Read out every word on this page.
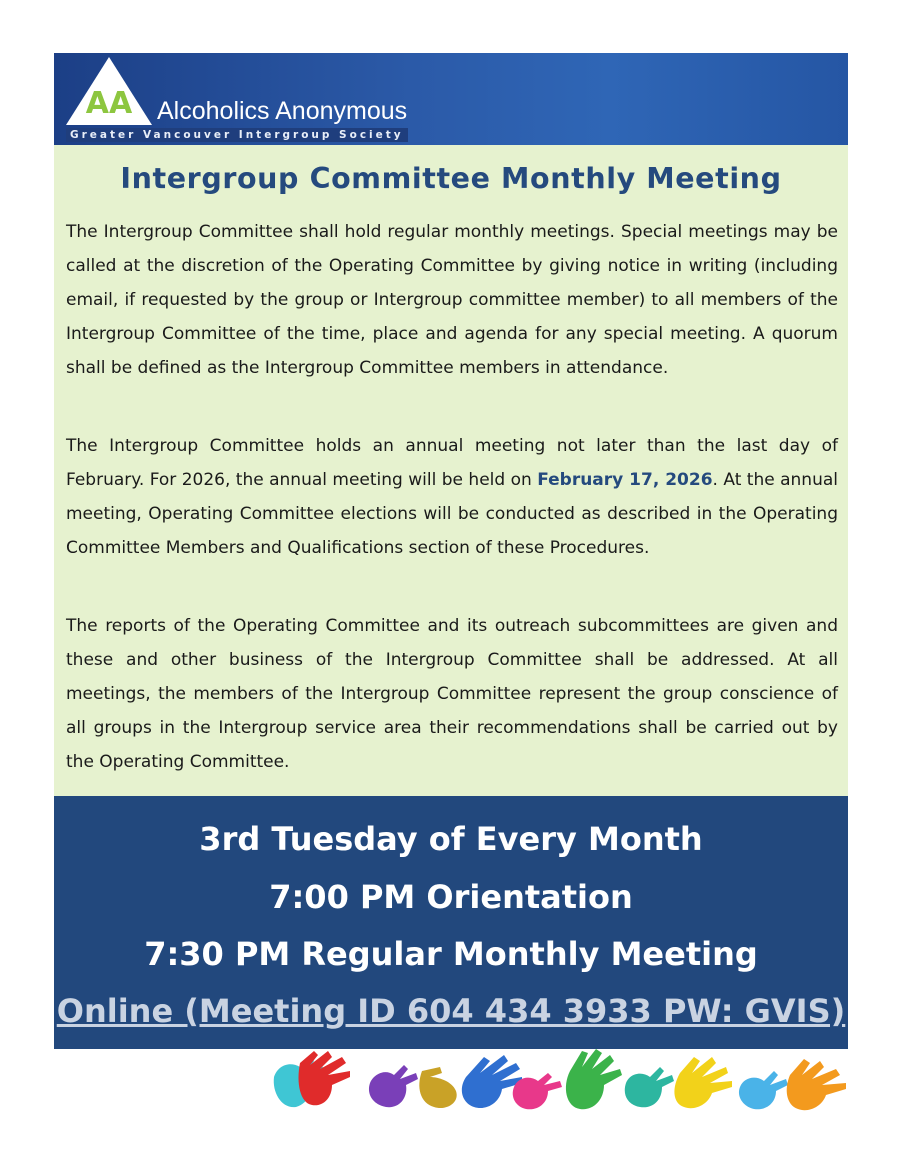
AA Alcoholics Anonymous
Greater Vancouver Intergroup Society
Intergroup Committee Monthly Meeting

The Intergroup Committee shall hold regular monthly meetings. Special meetings may be called at the discretion of the Operating Committee by giving notice in writing (including email, if requested by the group or Intergroup committee member) to all members of the Intergroup Committee of the time, place and agenda for any special meeting. A quorum shall be defined as the Intergroup Committee members in attendance.

The Intergroup Committee holds an annual meeting not later than the last day of February. For 2026, the annual meeting will be held on February 17, 2026. At the annual meeting, Operating Committee elections will be conducted as described in the Operating Committee Members and Qualifications section of these Procedures.

The reports of the Operating Committee and its outreach subcommittees are given and these and other business of the Intergroup Committee shall be addressed. At all meetings, the members of the Intergroup Committee represent the group conscience of all groups in the Intergroup service area their recommendations shall be carried out by the Operating Committee.

3rd Tuesday of Every Month
7:00 PM Orientation
7:30 PM Regular Monthly Meeting
Online (Meeting ID 604 434 3933 PW: GVIS)
